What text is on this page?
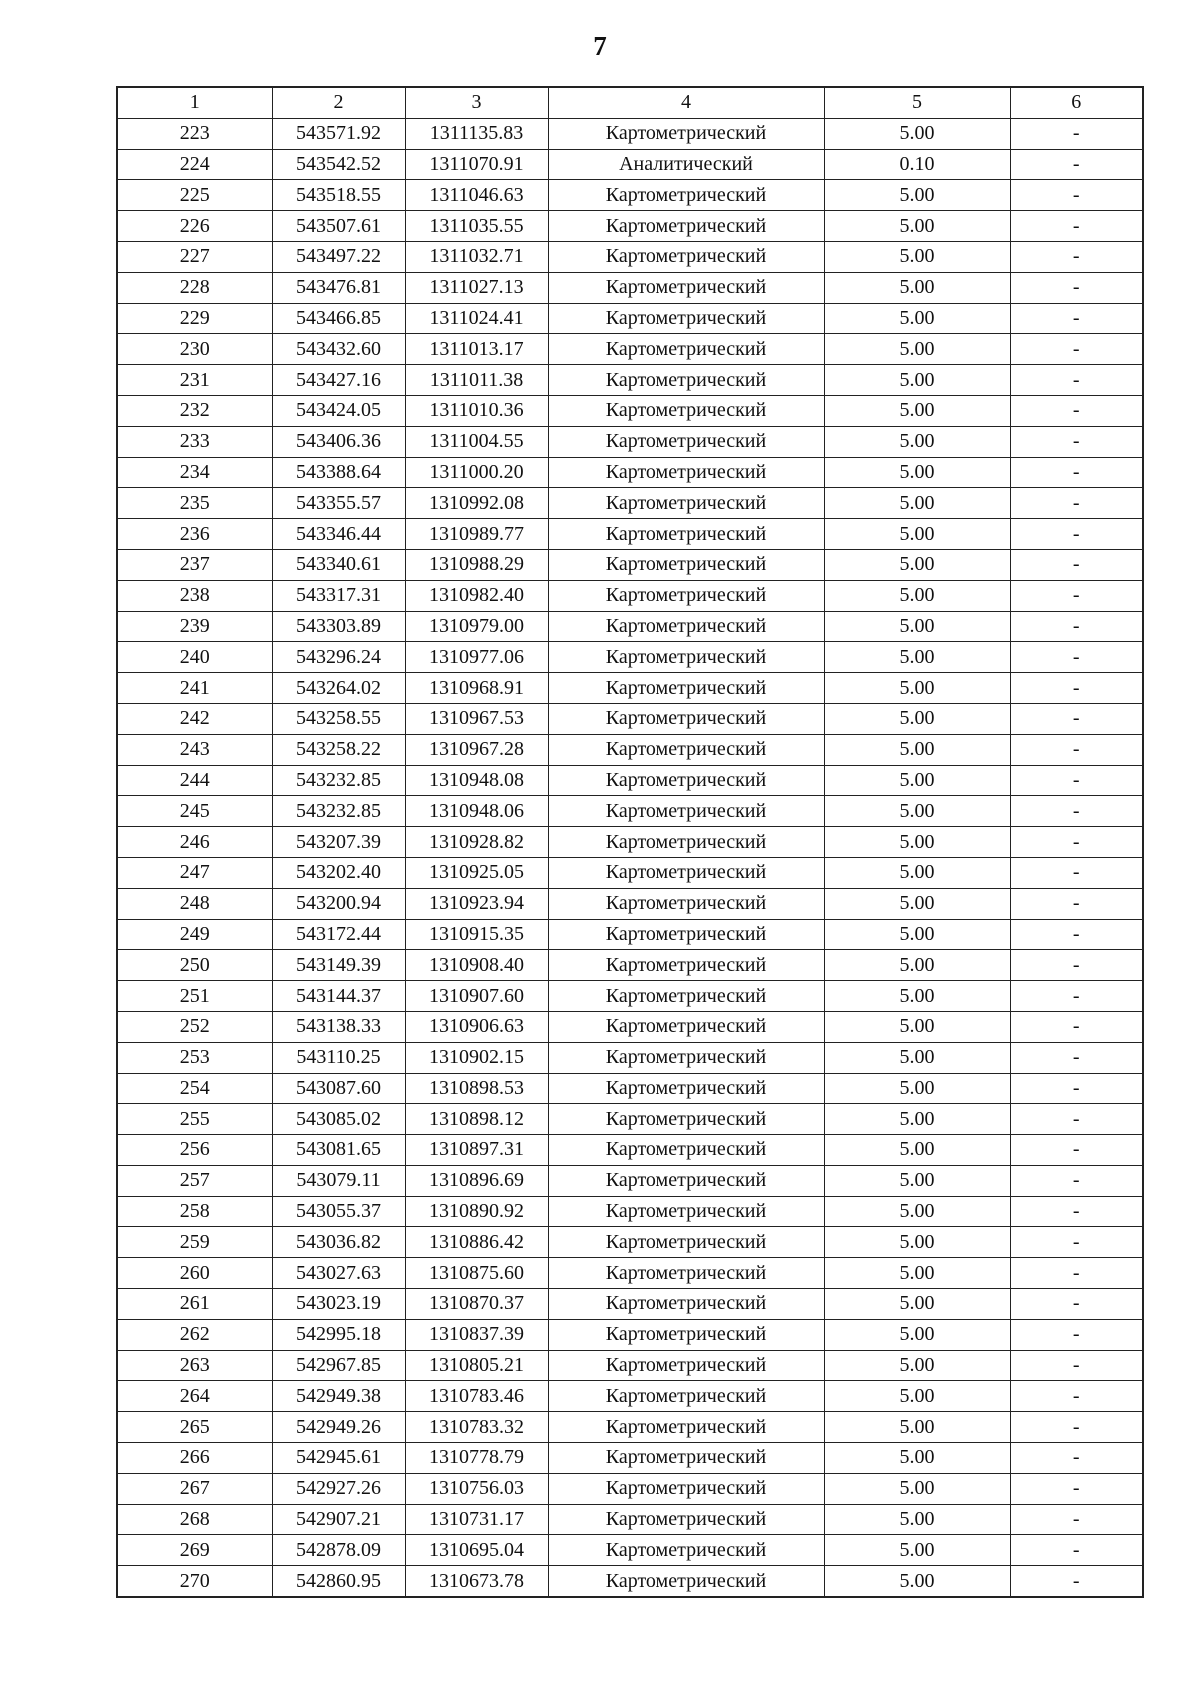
7
1	2	3	4	5	6
223	543571.92	1311135.83	Картометрический	5.00	-
224	543542.52	1311070.91	Аналитический	0.10	-
225	543518.55	1311046.63	Картометрический	5.00	-
226	543507.61	1311035.55	Картометрический	5.00	-
227	543497.22	1311032.71	Картометрический	5.00	-
228	543476.81	1311027.13	Картометрический	5.00	-
229	543466.85	1311024.41	Картометрический	5.00	-
230	543432.60	1311013.17	Картометрический	5.00	-
231	543427.16	1311011.38	Картометрический	5.00	-
232	543424.05	1311010.36	Картометрический	5.00	-
233	543406.36	1311004.55	Картометрический	5.00	-
234	543388.64	1311000.20	Картометрический	5.00	-
235	543355.57	1310992.08	Картометрический	5.00	-
236	543346.44	1310989.77	Картометрический	5.00	-
237	543340.61	1310988.29	Картометрический	5.00	-
238	543317.31	1310982.40	Картометрический	5.00	-
239	543303.89	1310979.00	Картометрический	5.00	-
240	543296.24	1310977.06	Картометрический	5.00	-
241	543264.02	1310968.91	Картометрический	5.00	-
242	543258.55	1310967.53	Картометрический	5.00	-
243	543258.22	1310967.28	Картометрический	5.00	-
244	543232.85	1310948.08	Картометрический	5.00	-
245	543232.85	1310948.06	Картометрический	5.00	-
246	543207.39	1310928.82	Картометрический	5.00	-
247	543202.40	1310925.05	Картометрический	5.00	-
248	543200.94	1310923.94	Картометрический	5.00	-
249	543172.44	1310915.35	Картометрический	5.00	-
250	543149.39	1310908.40	Картометрический	5.00	-
251	543144.37	1310907.60	Картометрический	5.00	-
252	543138.33	1310906.63	Картометрический	5.00	-
253	543110.25	1310902.15	Картометрический	5.00	-
254	543087.60	1310898.53	Картометрический	5.00	-
255	543085.02	1310898.12	Картометрический	5.00	-
256	543081.65	1310897.31	Картометрический	5.00	-
257	543079.11	1310896.69	Картометрический	5.00	-
258	543055.37	1310890.92	Картометрический	5.00	-
259	543036.82	1310886.42	Картометрический	5.00	-
260	543027.63	1310875.60	Картометрический	5.00	-
261	543023.19	1310870.37	Картометрический	5.00	-
262	542995.18	1310837.39	Картометрический	5.00	-
263	542967.85	1310805.21	Картометрический	5.00	-
264	542949.38	1310783.46	Картометрический	5.00	-
265	542949.26	1310783.32	Картометрический	5.00	-
266	542945.61	1310778.79	Картометрический	5.00	-
267	542927.26	1310756.03	Картометрический	5.00	-
268	542907.21	1310731.17	Картометрический	5.00	-
269	542878.09	1310695.04	Картометрический	5.00	-
270	542860.95	1310673.78	Картометрический	5.00	-
